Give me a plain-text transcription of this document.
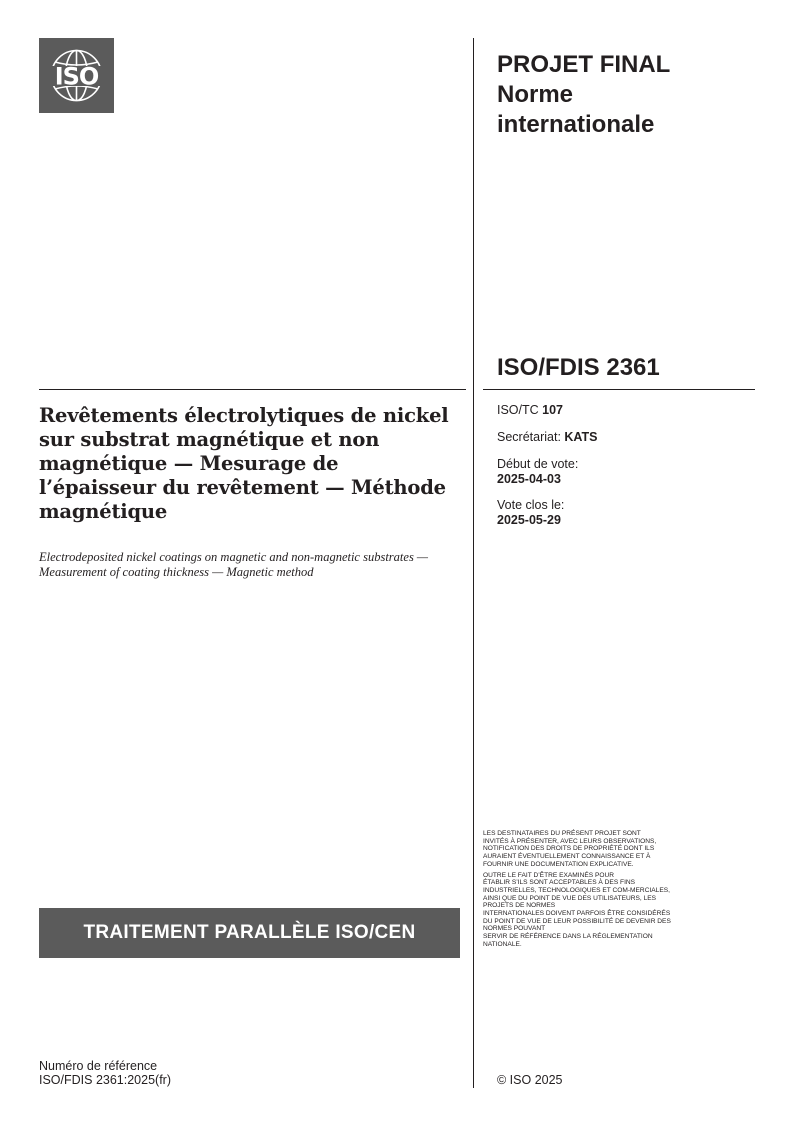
ISO	PROJET FINAL
Norme
internationale
ISO/FDIS 2361
Revêtements électrolytiques de nickel sur substrat magnétique et non magnétique — Mesurage de l’épaisseur du revêtement — Méthode magnétique
Electrodeposited nickel coatings on magnetic and non-magnetic substrates — Measurement of coating thickness — Magnetic method
ISO/TC 107
Secrétariat: KATS
Début de vote:
2025-04-03
Vote clos le:
2025-05-29

LES DESTINATAIRES DU PRÉSENT PROJET SONT
INVITÉS À PRÉSENTER, AVEC LEURS OBSERVATIONS,
NOTIFICATION DES DROITS DE PROPRIÉTÉ DONT ILS
AURAIENT ÉVENTUELLEMENT CONNAISSANCE ET À
FOURNIR UNE DOCUMENTATION EXPLICATIVE.

OUTRE LE FAIT D’ÊTRE EXAMINÉS POUR
ÉTABLIR S’ILS SONT ACCEPTABLES À DES FINS
INDUSTRIELLES, TECHNOLOGIQUES ET COM-MERCIALES,
AINSI QUE DU POINT DE VUE DES UTILISATEURS, LES
PROJETS DE NORMES
INTERNATIONALES DOIVENT PARFOIS ÊTRE CONSIDÉRÉS
DU POINT DE VUE DE LEUR POSSIBILITÉ DE DEVENIR DES
NORMES POUVANT
SERVIR DE RÉFÉRENCE DANS LA RÉGLEMENTATION
NATIONALE.

TRAITEMENT PARALLÈLE ISO/CEN
Numéro de référence
ISO/FDIS 2361:2025(fr)	© ISO 2025
